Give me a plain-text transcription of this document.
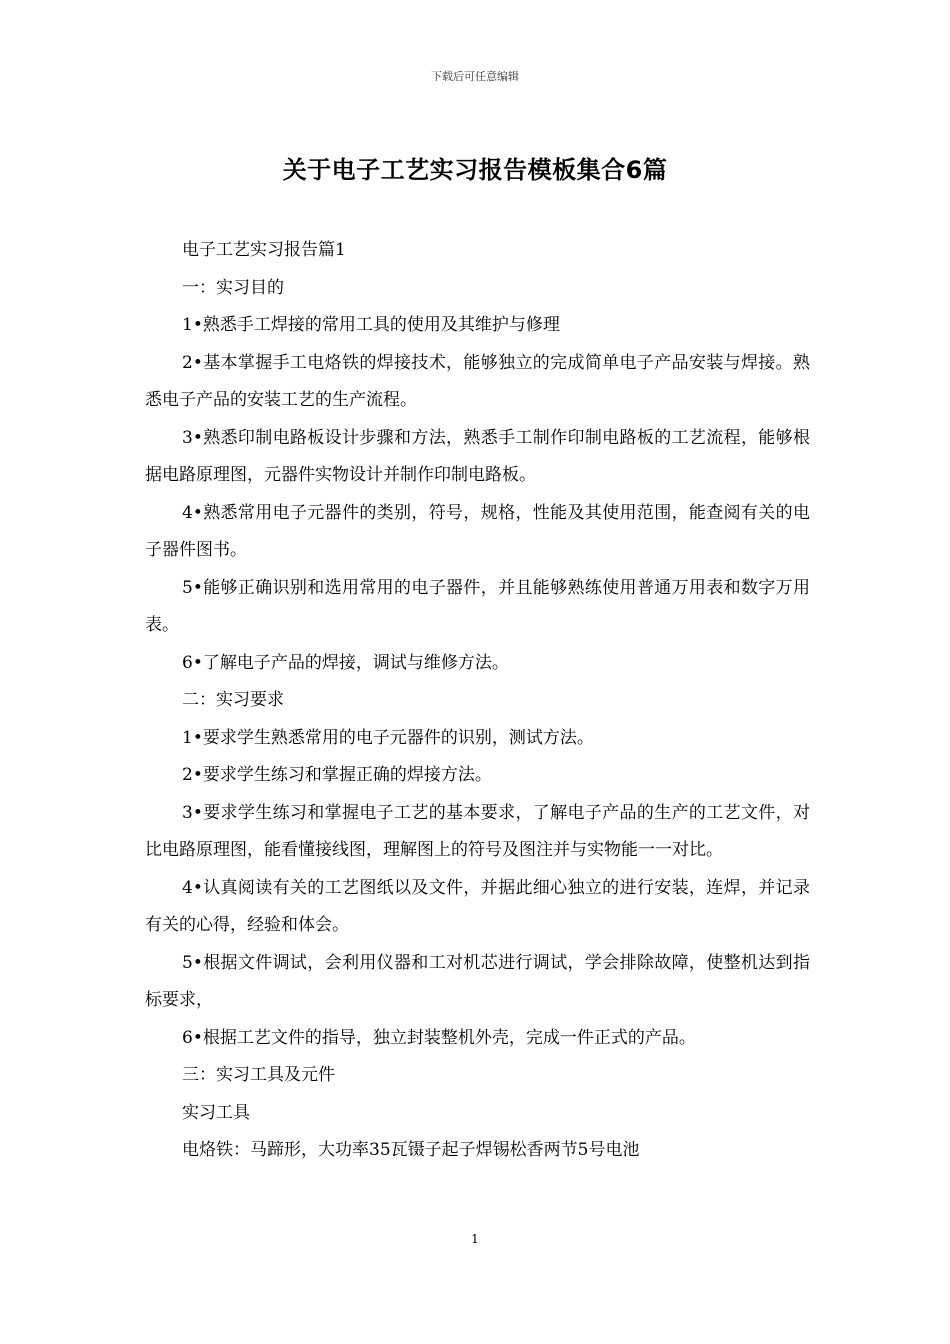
下载后可任意编辑
关于电子工艺实习报告模板集合6篇

电子工艺实习报告篇1

一：实习目的

1•熟悉手工焊接的常用工具的使用及其维护与修理

2•基本掌握手工电烙铁的焊接技术，能够独立的完成简单电子产品安装与焊接。熟悉电子产品的安装工艺的生产流程。

3•熟悉印制电路板设计步骤和方法，熟悉手工制作印制电路板的工艺流程，能够根据电路原理图，元器件实物设计并制作印制电路板。

4•熟悉常用电子元器件的类别，符号，规格，性能及其使用范围，能查阅有关的电子器件图书。

5•能够正确识别和选用常用的电子器件，并且能够熟练使用普通万用表和数字万用表。

6•了解电子产品的焊接，调试与维修方法。

二：实习要求

1•要求学生熟悉常用的电子元器件的识别，测试方法。

2•要求学生练习和掌握正确的焊接方法。

3•要求学生练习和掌握电子工艺的基本要求，了解电子产品的生产的工艺文件，对比电路原理图，能看懂接线图，理解图上的符号及图注并与实物能一一对比。

4•认真阅读有关的工艺图纸以及文件，并据此细心独立的进行安装，连焊，并记录有关的心得，经验和体会。

5•根据文件调试，会利用仪器和工对机芯进行调试，学会排除故障，使整机达到指标要求，

6•根据工艺文件的指导，独立封装整机外壳，完成一件正式的产品。

三：实习工具及元件

实习工具

电烙铁：马蹄形，大功率35瓦镊子起子焊锡松香两节5号电池

1
